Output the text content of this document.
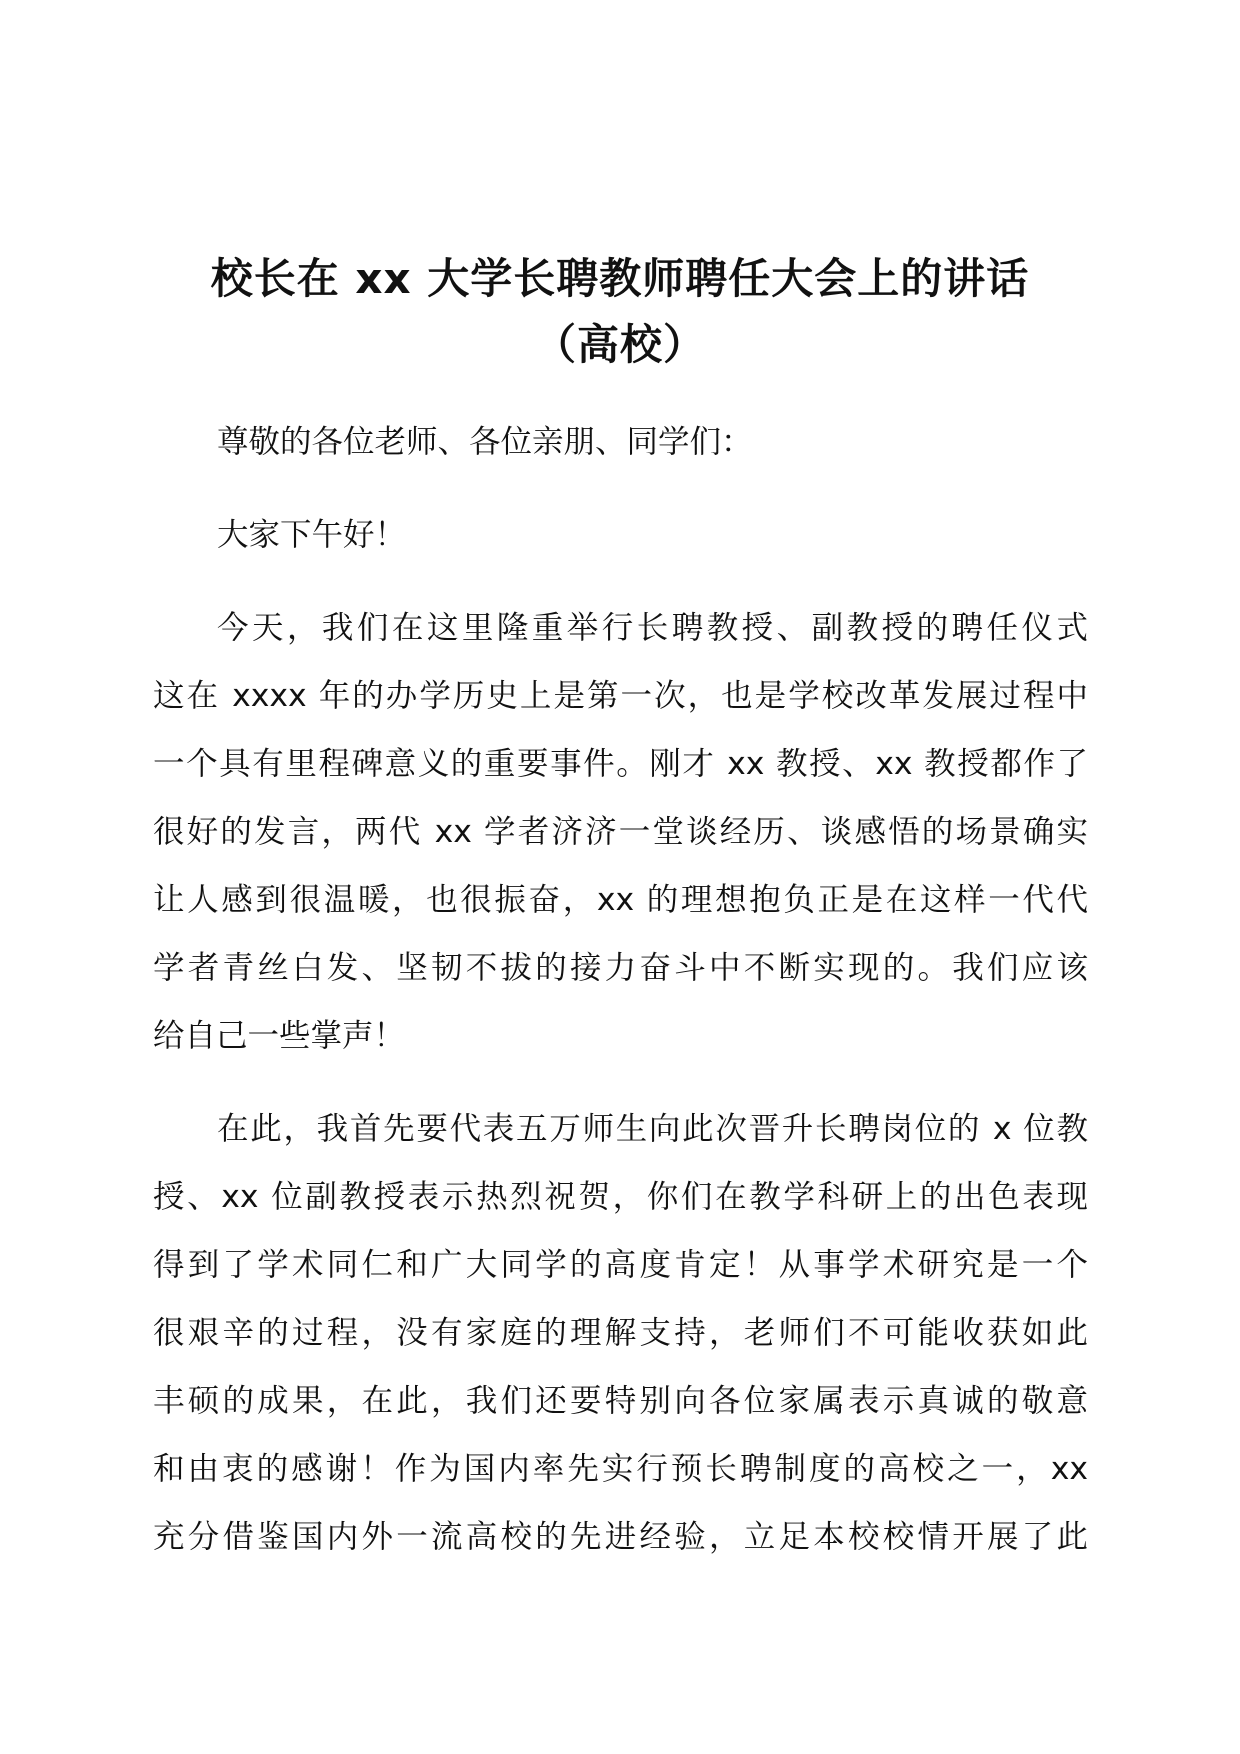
校长在 xx 大学长聘教师聘任大会上的讲话
（高校）

尊敬的各位老师、各位亲朋、同学们：

大家下午好！

今天，我们在这里隆重举行长聘教授、副教授的聘任仪式
这在 xxxx 年的办学历史上是第一次，也是学校改革发展过程中
一个具有里程碑意义的重要事件。刚才 xx 教授、xx 教授都作了
很好的发言，两代 xx 学者济济一堂谈经历、谈感悟的场景确实
让人感到很温暖，也很振奋，xx 的理想抱负正是在这样一代代
学者青丝白发、坚韧不拔的接力奋斗中不断实现的。我们应该
给自己一些掌声！

在此，我首先要代表五万师生向此次晋升长聘岗位的 x 位教
授、xx 位副教授表示热烈祝贺，你们在教学科研上的出色表现
得到了学术同仁和广大同学的高度肯定！从事学术研究是一个
很艰辛的过程，没有家庭的理解支持，老师们不可能收获如此
丰硕的成果，在此，我们还要特别向各位家属表示真诚的敬意
和由衷的感谢！作为国内率先实行预长聘制度的高校之一，xx
充分借鉴国内外一流高校的先进经验，立足本校校情开展了此
